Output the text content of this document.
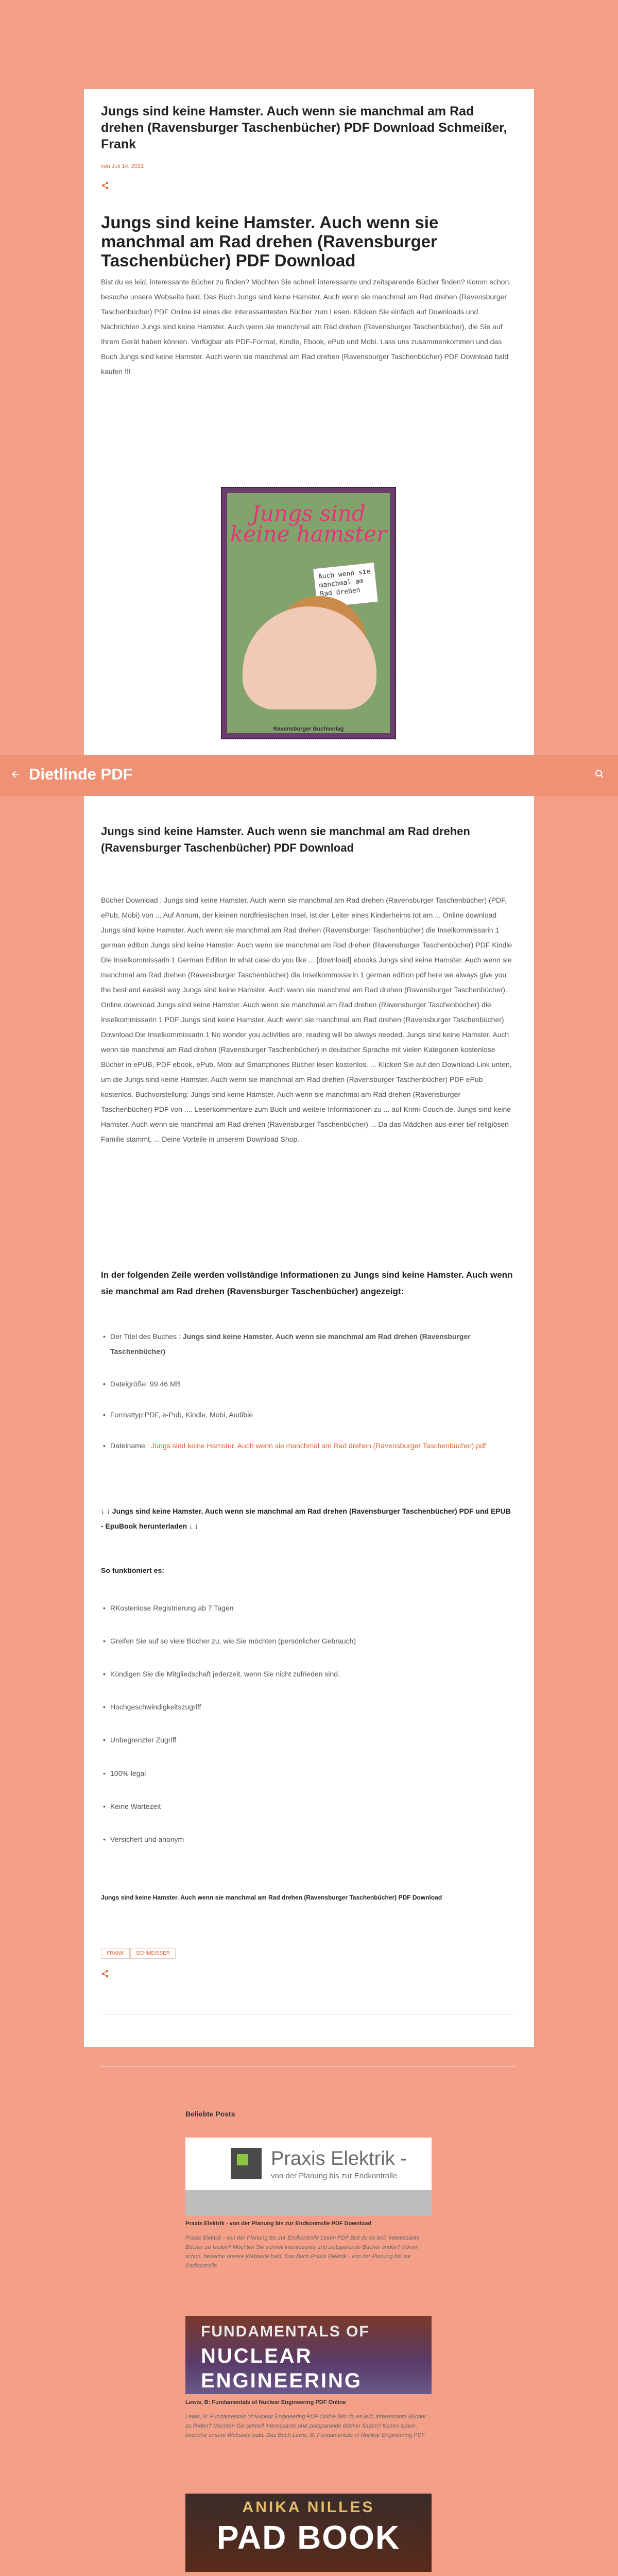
Jungs sind keine Hamster. Auch wenn sie manchmal am Rad drehen (Ravensburger Taschenbücher) PDF Download Schmeißer, Frank
von Juli 14, 2021
Jungs sind keine Hamster. Auch wenn sie manchmal am Rad drehen (Ravensburger Taschenbücher) PDF Download

Bist du es leid, interessante Bücher zu finden? Möchten Sie schnell interessante und zeitsparende Bücher finden? Komm schon, besuche unsere Webseite bald. Das Buch Jungs sind keine Hamster. Auch wenn sie manchmal am Rad drehen (Ravensburger Taschenbücher) PDF Online ist eines der interessantesten Bücher zum Lesen. Klicken Sie einfach auf Downloads und Nachrichten Jungs sind keine Hamster. Auch wenn sie manchmal am Rad drehen (Ravensburger Taschenbücher), die Sie auf Ihrem Gerät haben können. Verfügbar als PDF-Format, Kindle, Ebook, ePub und Mobi. Lass uns zusammenkommen und das Buch Jungs sind keine Hamster. Auch wenn sie manchmal am Rad drehen (Ravensburger Taschenbücher) PDF Download bald kaufen !!!

Jungs sind keine hamster
Auch wenn sie manchmal am Rad drehen
Ravensburger Buchverlag
Dietlinde PDF
Jungs sind keine Hamster. Auch wenn sie manchmal am Rad drehen (Ravensburger Taschenbücher) PDF Download

Bücher Download : Jungs sind keine Hamster. Auch wenn sie manchmal am Rad drehen (Ravensburger Taschenbücher) (PDF, ePub, Mobi) von ... Auf Annum, der kleinen nordfriesischen Insel, ist der Leiter eines Kinderheims tot am ... Online download Jungs sind keine Hamster. Auch wenn sie manchmal am Rad drehen (Ravensburger Taschenbücher) die Inselkommissarin 1 german edition Jungs sind keine Hamster. Auch wenn sie manchmal am Rad drehen (Ravensburger Taschenbücher) PDF Kindle Die Inselkommissarin 1 German Edition In what case do you like ... [download] ebooks Jungs sind keine Hamster. Auch wenn sie manchmal am Rad drehen (Ravensburger Taschenbücher) die Inselkommissarin 1 german edition pdf here we always give you the best and easiest way Jungs sind keine Hamster. Auch wenn sie manchmal am Rad drehen (Ravensburger Taschenbücher). Online download Jungs sind keine Hamster. Auch wenn sie manchmal am Rad drehen (Ravensburger Taschenbücher) die Inselkommissarin 1 PDF Jungs sind keine Hamster. Auch wenn sie manchmal am Rad drehen (Ravensburger Taschenbücher) Download Die Inselkommissarin 1 No wonder you activities are, reading will be always needed. Jungs sind keine Hamster. Auch wenn sie manchmal am Rad drehen (Ravensburger Taschenbücher) in deutscher Sprache mit vielen Kategorien kostenlose Bücher in ePUB, PDF ebook, ePub, Mobi auf Smartphones Bücher lesen kostenlos. ... Klicken Sie auf den Download-Link unten, um die Jungs sind keine Hamster. Auch wenn sie manchmal am Rad drehen (Ravensburger Taschenbücher) PDF ePub kostenlos. Buchvorstellung: Jungs sind keine Hamster. Auch wenn sie manchmal am Rad drehen (Ravensburger Taschenbücher) PDF von .... Leserkommentare zum Buch und weitere Informationen zu ... auf Krimi-Couch.de. Jungs sind keine Hamster. Auch wenn sie manchmal am Rad drehen (Ravensburger Taschenbücher) ... Da das Mädchen aus einer tief religiösen Familie stammt, ... Deine Vorteile in unserem Download Shop.

In der folgenden Zeile werden vollständige Informationen zu Jungs sind keine Hamster. Auch wenn sie manchmal am Rad drehen (Ravensburger Taschenbücher) angezeigt:
• Der Titel des Buches : Jungs sind keine Hamster. Auch wenn sie manchmal am Rad drehen (Ravensburger Taschenbücher)
• Dateigröße: 99.46 MB
• Formattyp:PDF, e-Pub, Kindle, Mobi, Audible
• Dateiname : Jungs sind keine Hamster. Auch wenn sie manchmal am Rad drehen (Ravensburger Taschenbücher).pdf
↓ ↓ Jungs sind keine Hamster. Auch wenn sie manchmal am Rad drehen (Ravensburger Taschenbücher) PDF und EPUB - EpuBook herunterladen ↓ ↓
So funktioniert es:
• RKostenlose Registrierung ab 7 Tagen
• Greifen Sie auf so viele Bücher zu, wie Sie möchten (persönlicher Gebrauch)
• Kündigen Sie die Mitgliedschaft jederzeit, wenn Sie nicht zufrieden sind.
• Hochgeschwindigkeitszugriff
• Unbegrenzter Zugriff
• 100% legal
• Keine Wartezeit
• Versichert und anonym
Jungs sind keine Hamster. Auch wenn sie manchmal am Rad drehen (Ravensburger Taschenbücher) PDF Download
FRANK	SCHMEISSER
Beliebte Posts
Praxis Elektrik -
von der Planung bis zur Endkontrolle
Praxis Elektrik - von der Planung bis zur Endkontrolle PDF Download
Praxis Elektrik - von der Planung bis zur Endkontrolle Lesen PDF Bist du es leid, interessante Bücher zu finden? Möchten Sie schnell interessante und zeitsparende Bücher finden? Komm schon, besuche unsere Webseite bald. Das Buch Praxis Elektrik - von der Planung bis zur Endkontrolle
FUNDAMENTALS OF
NUCLEAR
ENGINEERING
Lewis, B: Fundamentals of Nuclear Engineering PDF Online
Lewis, B: Fundamentals of Nuclear Engineering PDF Online Bist du es leid, interessante Bücher zu finden? Möchten Sie schnell interessante und zeitsparende Bücher finden? Komm schon, besuche unsere Webseite bald. Das Buch Lewis, B: Fundamentals of Nuclear Engineering PDF
ANIKA NILLES
PAD BOOK
